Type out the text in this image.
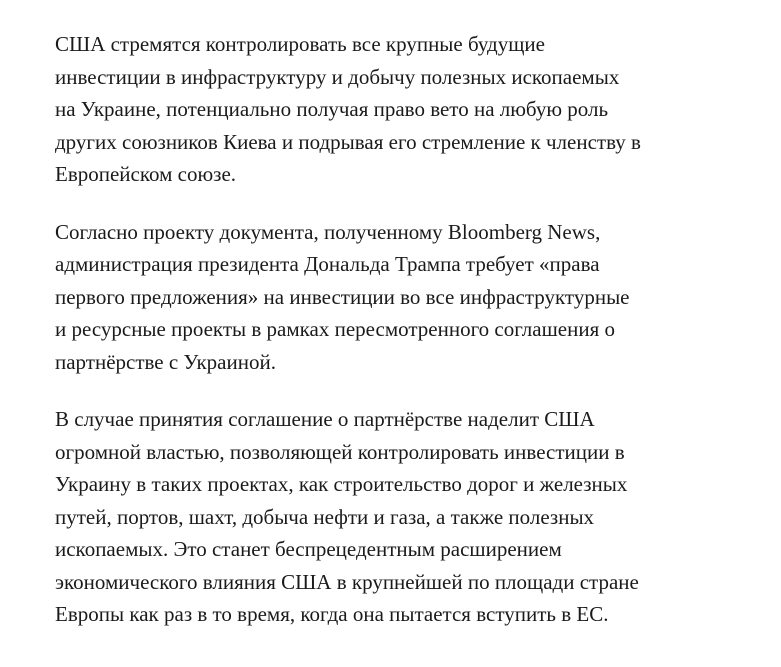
США стремятся контролировать все крупные будущие
инвестиции в инфраструктуру и добычу полезных ископаемых
на Украине, потенциально получая право вето на любую роль
других союзников Киева и подрывая его стремление к членству в
Европейском союзе.

Согласно проекту документа, полученному Bloomberg News,
администрация президента Дональда Трампа требует «права
первого предложения» на инвестиции во все инфраструктурные
и ресурсные проекты в рамках пересмотренного соглашения о
партнёрстве с Украиной.

В случае принятия соглашение о партнёрстве наделит США
огромной властью, позволяющей контролировать инвестиции в
Украину в таких проектах, как строительство дорог и железных
путей, портов, шахт, добыча нефти и газа, а также полезных
ископаемых. Это станет беспрецедентным расширением
экономического влияния США в крупнейшей по площади стране
Европы как раз в то время, когда она пытается вступить в ЕС.
